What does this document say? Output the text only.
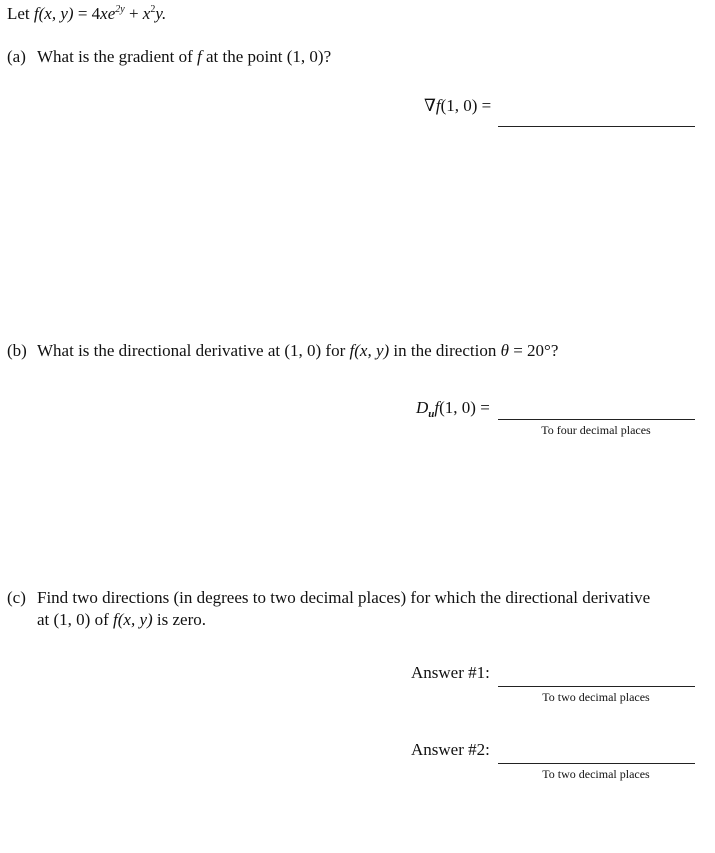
Let f(x, $y) = 4xe^{2y} + x^2y$.
(a) What is the gradient of f at the point (1, 0)?
∇f(1, 0) =
(b) What is the directional derivative at (1, 0) for f(x, y) in the direction θ = 20°?
$D_uf(1$, 0) =
To four decimal places
(c) Find two directions (in degrees to two decimal places) for which the directional derivative
at (1, 0) of f(x, y) is zero.
Answer #1:
To two decimal places
Answer #2:
To two decimal places
